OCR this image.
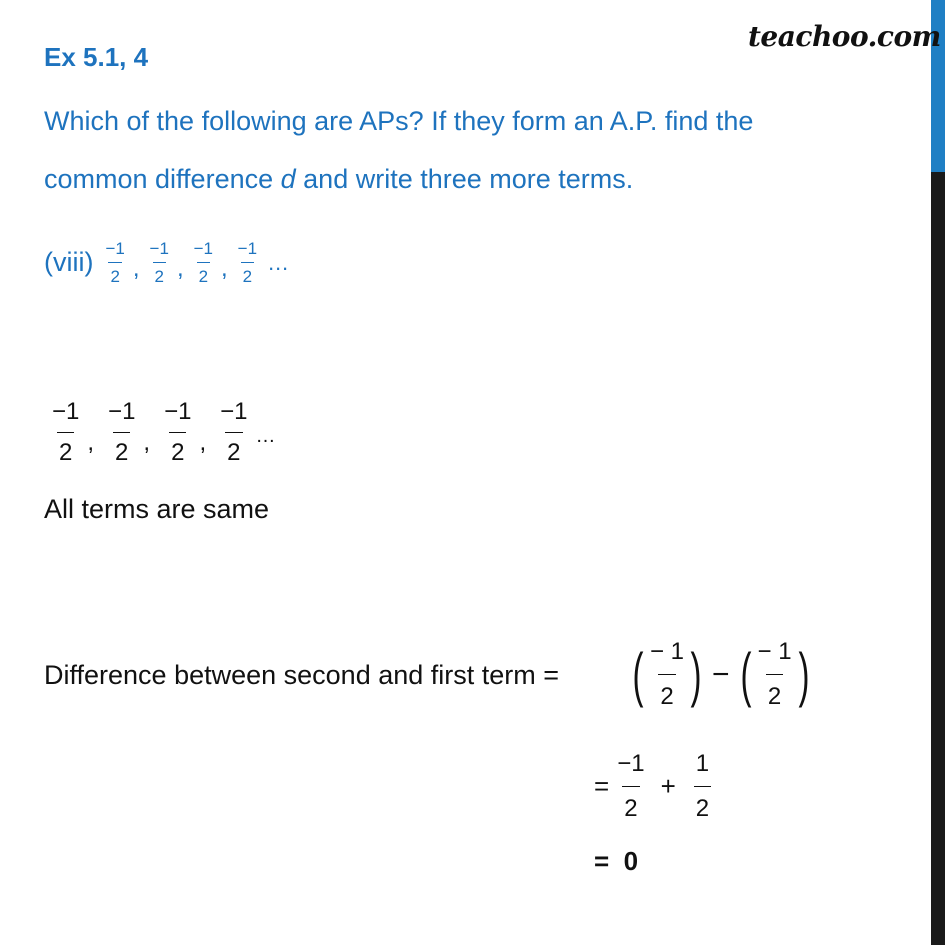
teachoo.com
Ex 5.1, 4
Which of the following are APs? If they form an A.P. find the
common difference d and write three more terms.
(viii) $\frac{-1}{2}$ , $\frac{-1}{2}$ , $\frac{-1}{2}$ , $\frac{-1}{2}$ …
$\frac{-1}{2}$ , $\frac{-1}{2}$ , $\frac{-1}{2}$ , $\frac{-1}{2}$ …
All terms are same
Difference between second and first term = ( $\frac{- 1}{2}$ ) − ( $\frac{- 1}{2}$ )
= $\frac{-1}{2} + \frac{1}{2}$
=  0
